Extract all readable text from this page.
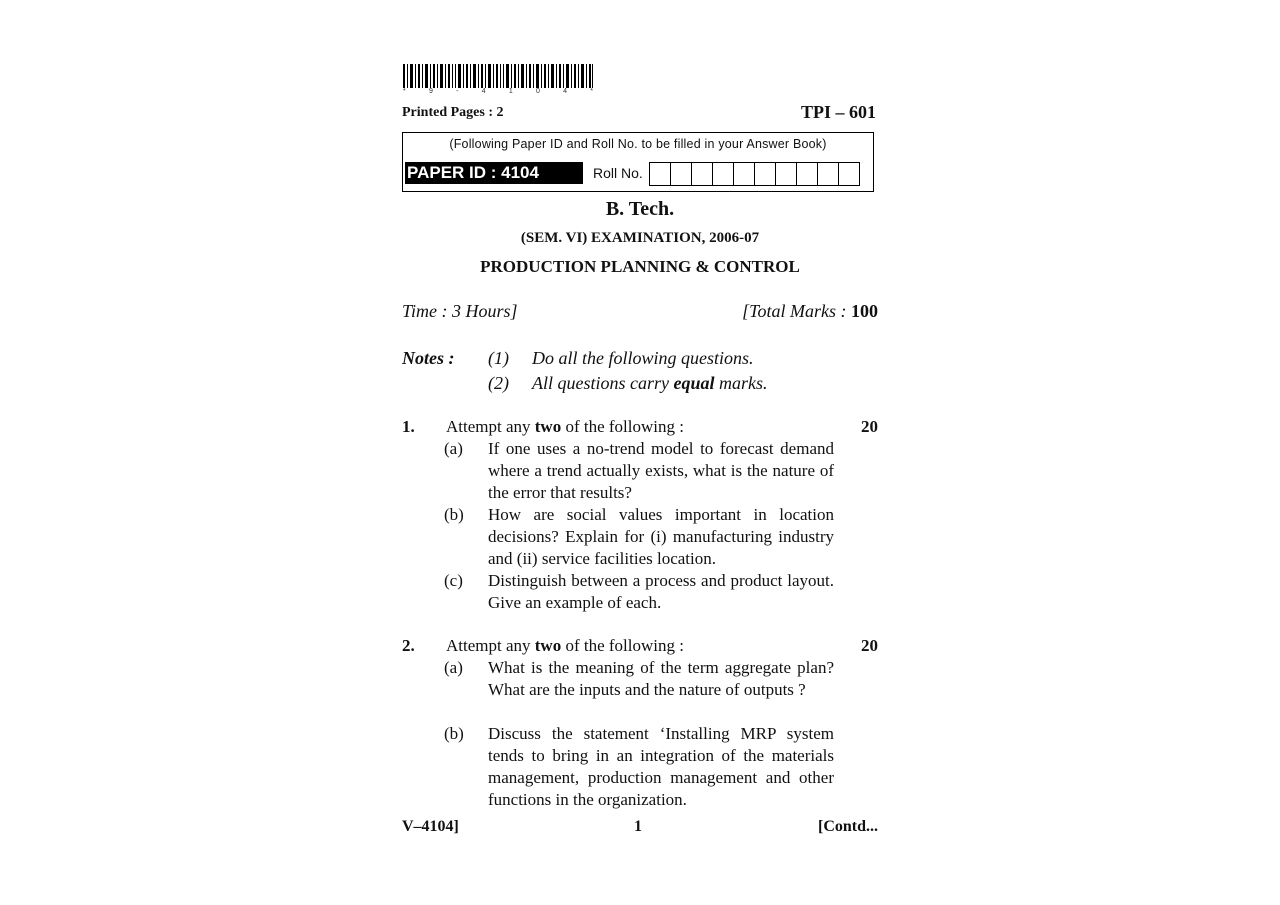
*	9	-	4	1	0	4	*
Printed Pages : 2	TPI – 601
(Following Paper ID and Roll No. to be filled in your Answer Book)
PAPER ID : 4104	Roll No.
B. Tech.
(SEM. VI) EXAMINATION, 2006-07
PRODUCTION PLANNING & CONTROL
Time : 3 Hours]	[Total Marks : 100
Notes : (1) Do all the following questions.
(2) All questions carry equal marks.
1. Attempt any two of the following :	20
(a) If one uses a no-trend model to forecast demand where a trend actually exists, what is the nature of the error that results?
(b) How are social values important in location decisions? Explain for (i) manufacturing industry and (ii) service facilities location.
(c) Distinguish between a process and product layout. Give an example of each.
2. Attempt any two of the following :	20
(a) What is the meaning of the term aggregate plan? What are the inputs and the nature of outputs ?
(b) Discuss the statement ‘Installing MRP system tends to bring in an integration of the materials management, production management and other functions in the organization.
V–4104]	1	[Contd...
